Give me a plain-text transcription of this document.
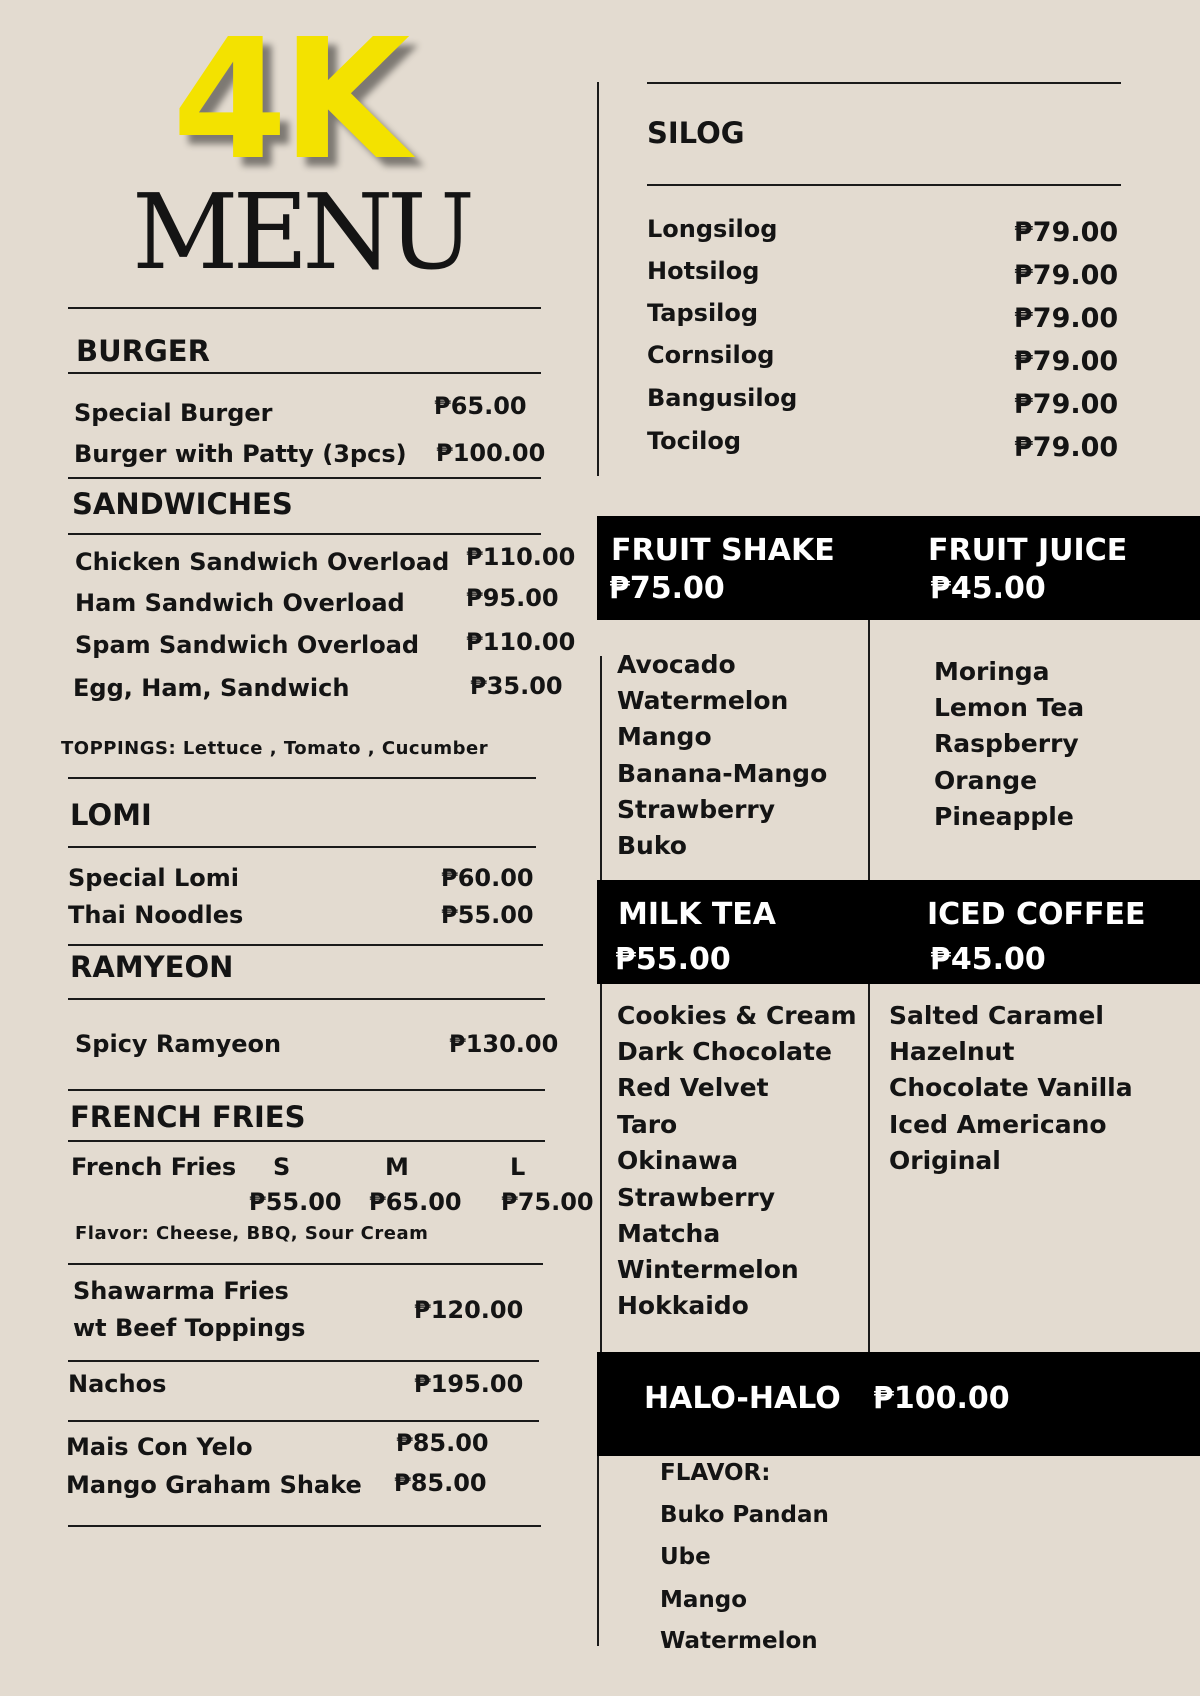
4K
MENU
BURGER
Special Burger	₱65.00
Burger with Patty (3pcs) ₱100.00
SANDWICHES
Chicken Sandwich Overload ₱110.00
Ham Sandwich Overload	₱95.00
Spam Sandwich Overload ₱110.00
Egg, Ham, Sandwich	₱35.00
TOPPINGS: Lettuce , Tomato , Cucumber
LOMI
Special Lomi	₱60.00
Thai Noodles	₱55.00
RAMYEON
Spicy Ramyeon	₱130.00
FRENCH FRIES
French Fries S	M	L
₱55.00 ₱65.00 ₱75.00
Flavor: Cheese, BBQ, Sour Cream
Shawarma Fries
wt Beef Toppings
₱120.00
Nachos	₱195.00
Mais Con Yelo	₱85.00
Mango Graham Shake ₱85.00
SILOG
Longsilog	₱79.00
Hotsilog	₱79.00
Tapsilog	₱79.00
Cornsilog	₱79.00
Bangusilog	₱79.00
Tocilog	₱79.00
FRUIT SHAKE
₱75.00
FRUIT JUICE
₱45.00
Avocado
Watermelon
Mango
Banana-Mango
Strawberry
Buko
Moringa
Lemon Tea
Raspberry
Orange
Pineapple
MILK TEA
₱55.00
ICED COFFEE
₱45.00
Cookies & Cream
Dark Chocolate
Red Velvet
Taro
Okinawa
Strawberry
Matcha
Wintermelon
Hokkaido
Salted Caramel
Hazelnut
Chocolate Vanilla
Iced Americano
Original
HALO-HALO ₱100.00
FLAVOR:
Buko Pandan
Ube
Mango
Watermelon
